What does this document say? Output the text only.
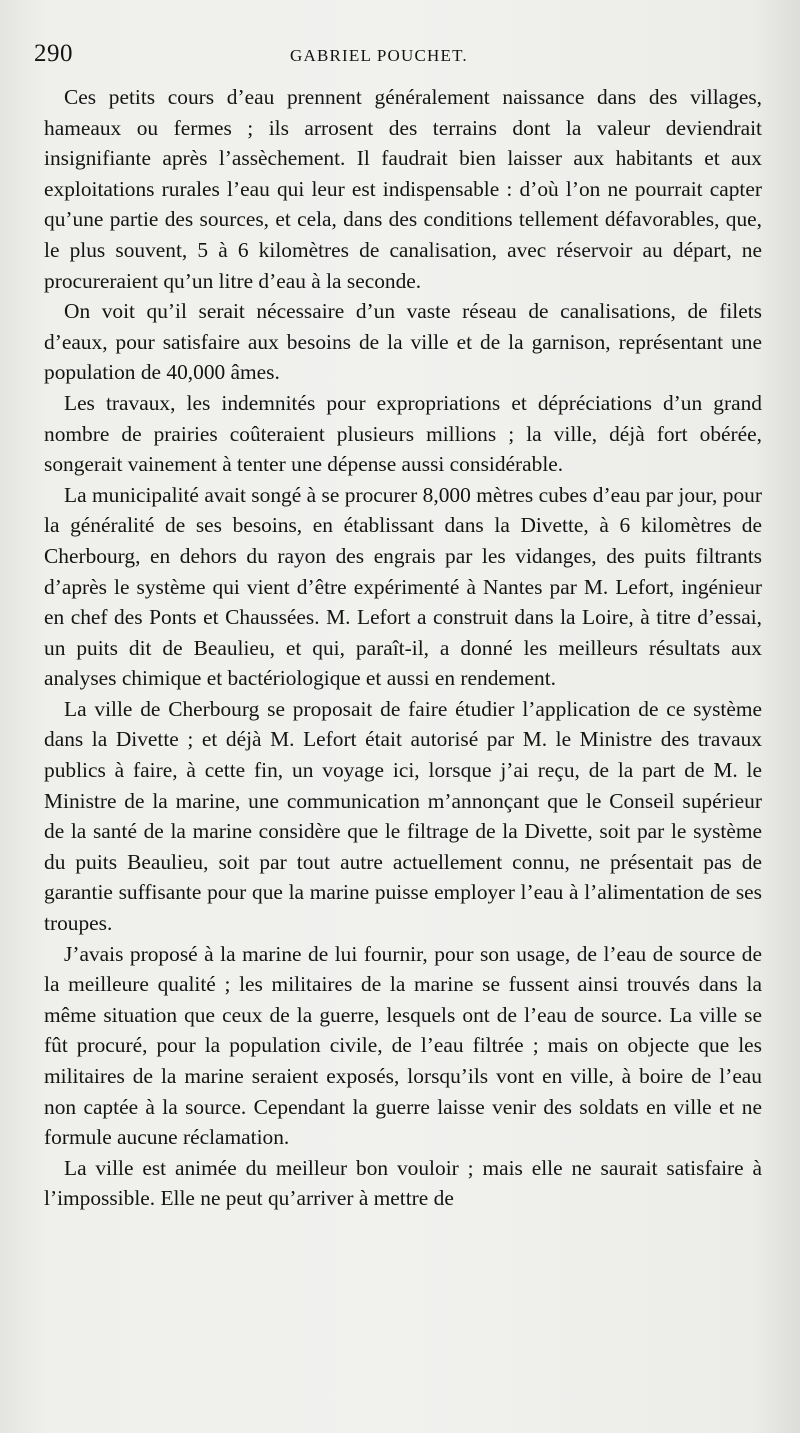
290	GABRIEL POUCHET.

Ces petits cours d’eau prennent généralement naissance dans des villages, hameaux ou fermes ; ils arrosent des terrains dont la valeur deviendrait insignifiante après l’assèchement. Il faudrait bien laisser aux habitants et aux exploitations rurales l’eau qui leur est indispensable : d’où l’on ne pourrait capter qu’une partie des sources, et cela, dans des conditions tellement défavorables, que, le plus souvent, 5 à 6 kilomètres de canalisation, avec réservoir au départ, ne procureraient qu’un litre d’eau à la seconde.

On voit qu’il serait nécessaire d’un vaste réseau de canalisations, de filets d’eaux, pour satisfaire aux besoins de la ville et de la garnison, représentant une population de 40,000 âmes.

Les travaux, les indemnités pour expropriations et dépréciations d’un grand nombre de prairies coûteraient plusieurs millions ; la ville, déjà fort obérée, songerait vainement à tenter une dépense aussi considérable.

La municipalité avait songé à se procurer 8,000 mètres cubes d’eau par jour, pour la généralité de ses besoins, en établissant dans la Divette, à 6 kilomètres de Cherbourg, en dehors du rayon des engrais par les vidanges, des puits filtrants d’après le système qui vient d’être expérimenté à Nantes par M. Lefort, ingénieur en chef des Ponts et Chaussées. M. Lefort a construit dans la Loire, à titre d’essai, un puits dit de Beaulieu, et qui, paraît-il, a donné les meilleurs résultats aux analyses chimique et bactériologique et aussi en rendement.

La ville de Cherbourg se proposait de faire étudier l’application de ce système dans la Divette ; et déjà M. Lefort était autorisé par M. le Ministre des travaux publics à faire, à cette fin, un voyage ici, lorsque j’ai reçu, de la part de M. le Ministre de la marine, une communication m’annonçant que le Conseil supérieur de la santé de la marine considère que le filtrage de la Divette, soit par le système du puits Beaulieu, soit par tout autre actuellement connu, ne présentait pas de garantie suffisante pour que la marine puisse employer l’eau à l’alimentation de ses troupes.

J’avais proposé à la marine de lui fournir, pour son usage, de l’eau de source de la meilleure qualité ; les militaires de la marine se fussent ainsi trouvés dans la même situation que ceux de la guerre, lesquels ont de l’eau de source. La ville se fût procuré, pour la population civile, de l’eau filtrée ; mais on objecte que les militaires de la marine seraient exposés, lorsqu’ils vont en ville, à boire de l’eau non captée à la source. Cependant la guerre laisse venir des soldats en ville et ne formule aucune réclamation.

La ville est animée du meilleur bon vouloir ; mais elle ne saurait satisfaire à l’impossible. Elle ne peut qu’arriver à mettre de
